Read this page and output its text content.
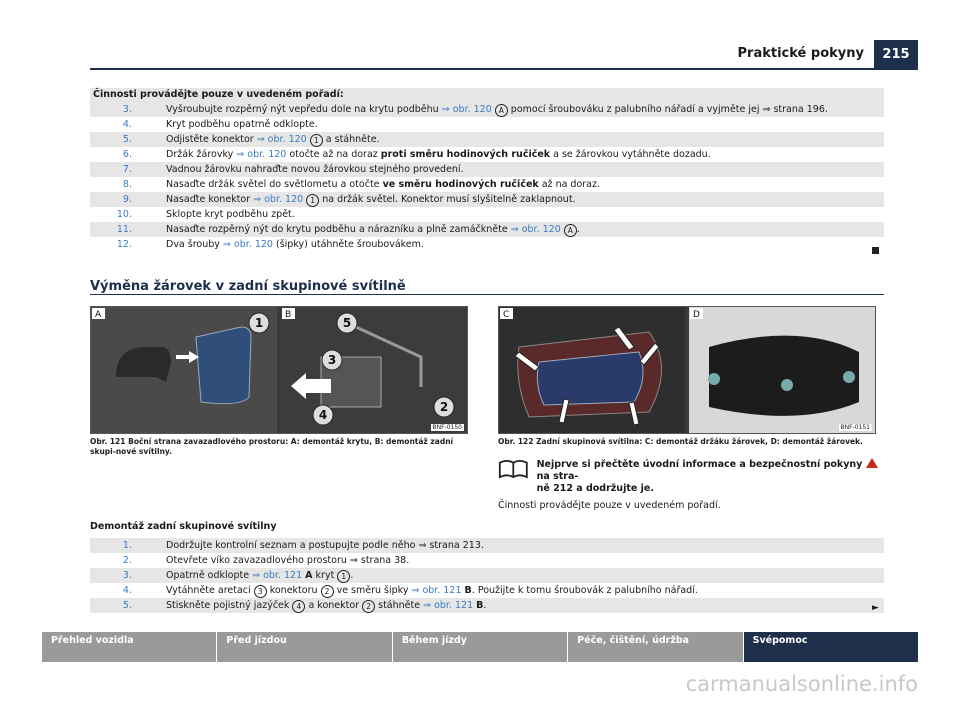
Praktické pokyny	215
Činnosti provádějte pouze v uvedeném pořadí:
3.	Vyšroubujte rozpěrný nýt vepředu dole na krytu podběhu ⇒ obr. 120 A pomocí šroubováku z palubního nářadí a vyjměte jej ⇒ strana 196.
4.	Kryt podběhu opatrně odklopte.
5.	Odjistěte konektor ⇒ obr. 120 1 a stáhněte.
6.	Držák žárovky ⇒ obr. 120 otočte až na doraz proti směru hodinových ručiček a se žárovkou vytáhněte dozadu.
7.	Vadnou žárovku nahraďte novou žárovkou stejného provedení.
8.	Nasaďte držák světel do světlometu a otočte ve směru hodinových ručiček až na doraz.
9.	Nasaďte konektor ⇒ obr. 120 1 na držák světel. Konektor musí slyšitelně zaklapnout.
10.	Sklopte kryt podběhu zpět.
11.	Nasaďte rozpěrný nýt do krytu podběhu a nárazníku a plně zamáčkněte ⇒ obr. 120 A .
12.	Dva šrouby ⇒ obr. 120 (šipky) utáhněte šroubovákem.
Výměna žárovek v zadní skupinové svítilně
1	5
3
2
4
A	B
BNF-0150
Obr. 121 Boční strana zavazadlového prostoru: A: demontáž krytu, B: demontáž zadní skupi-nové svítilny.
C	D
BNF-0151
Obr. 122 Zadní skupinová svítilna: C: demontáž držáku žárovek, D: demontáž žárovek.
Nejprve si přečtěte úvodní informace a bezpečnostní pokyny  na stra-
ně 212 a dodržujte je.
Činnosti provádějte pouze v uvedeném pořadí.
Demontáž zadní skupinové svítilny
1.	Dodržujte kontrolní seznam a postupujte podle něho ⇒ strana 213.
2.	Otevřete víko zavazadlového prostoru ⇒ strana 38.
3.	Opatrně odklopte ⇒ obr. 121 A kryt 1 .
4.	Vytáhněte aretaci 3 konektoru 2 ve směru šipky ⇒ obr. 121 B. Použijte k tomu šroubovák z palubního nářadí.
5.	Stiskněte pojistný jazýček 4 a konektor 2 stáhněte ⇒ obr. 121 B.	►
Přehled vozidla	Před jízdou	Během jízdy	Péče, čištění, údržba	Svépomoc
carmanualsonline.info
